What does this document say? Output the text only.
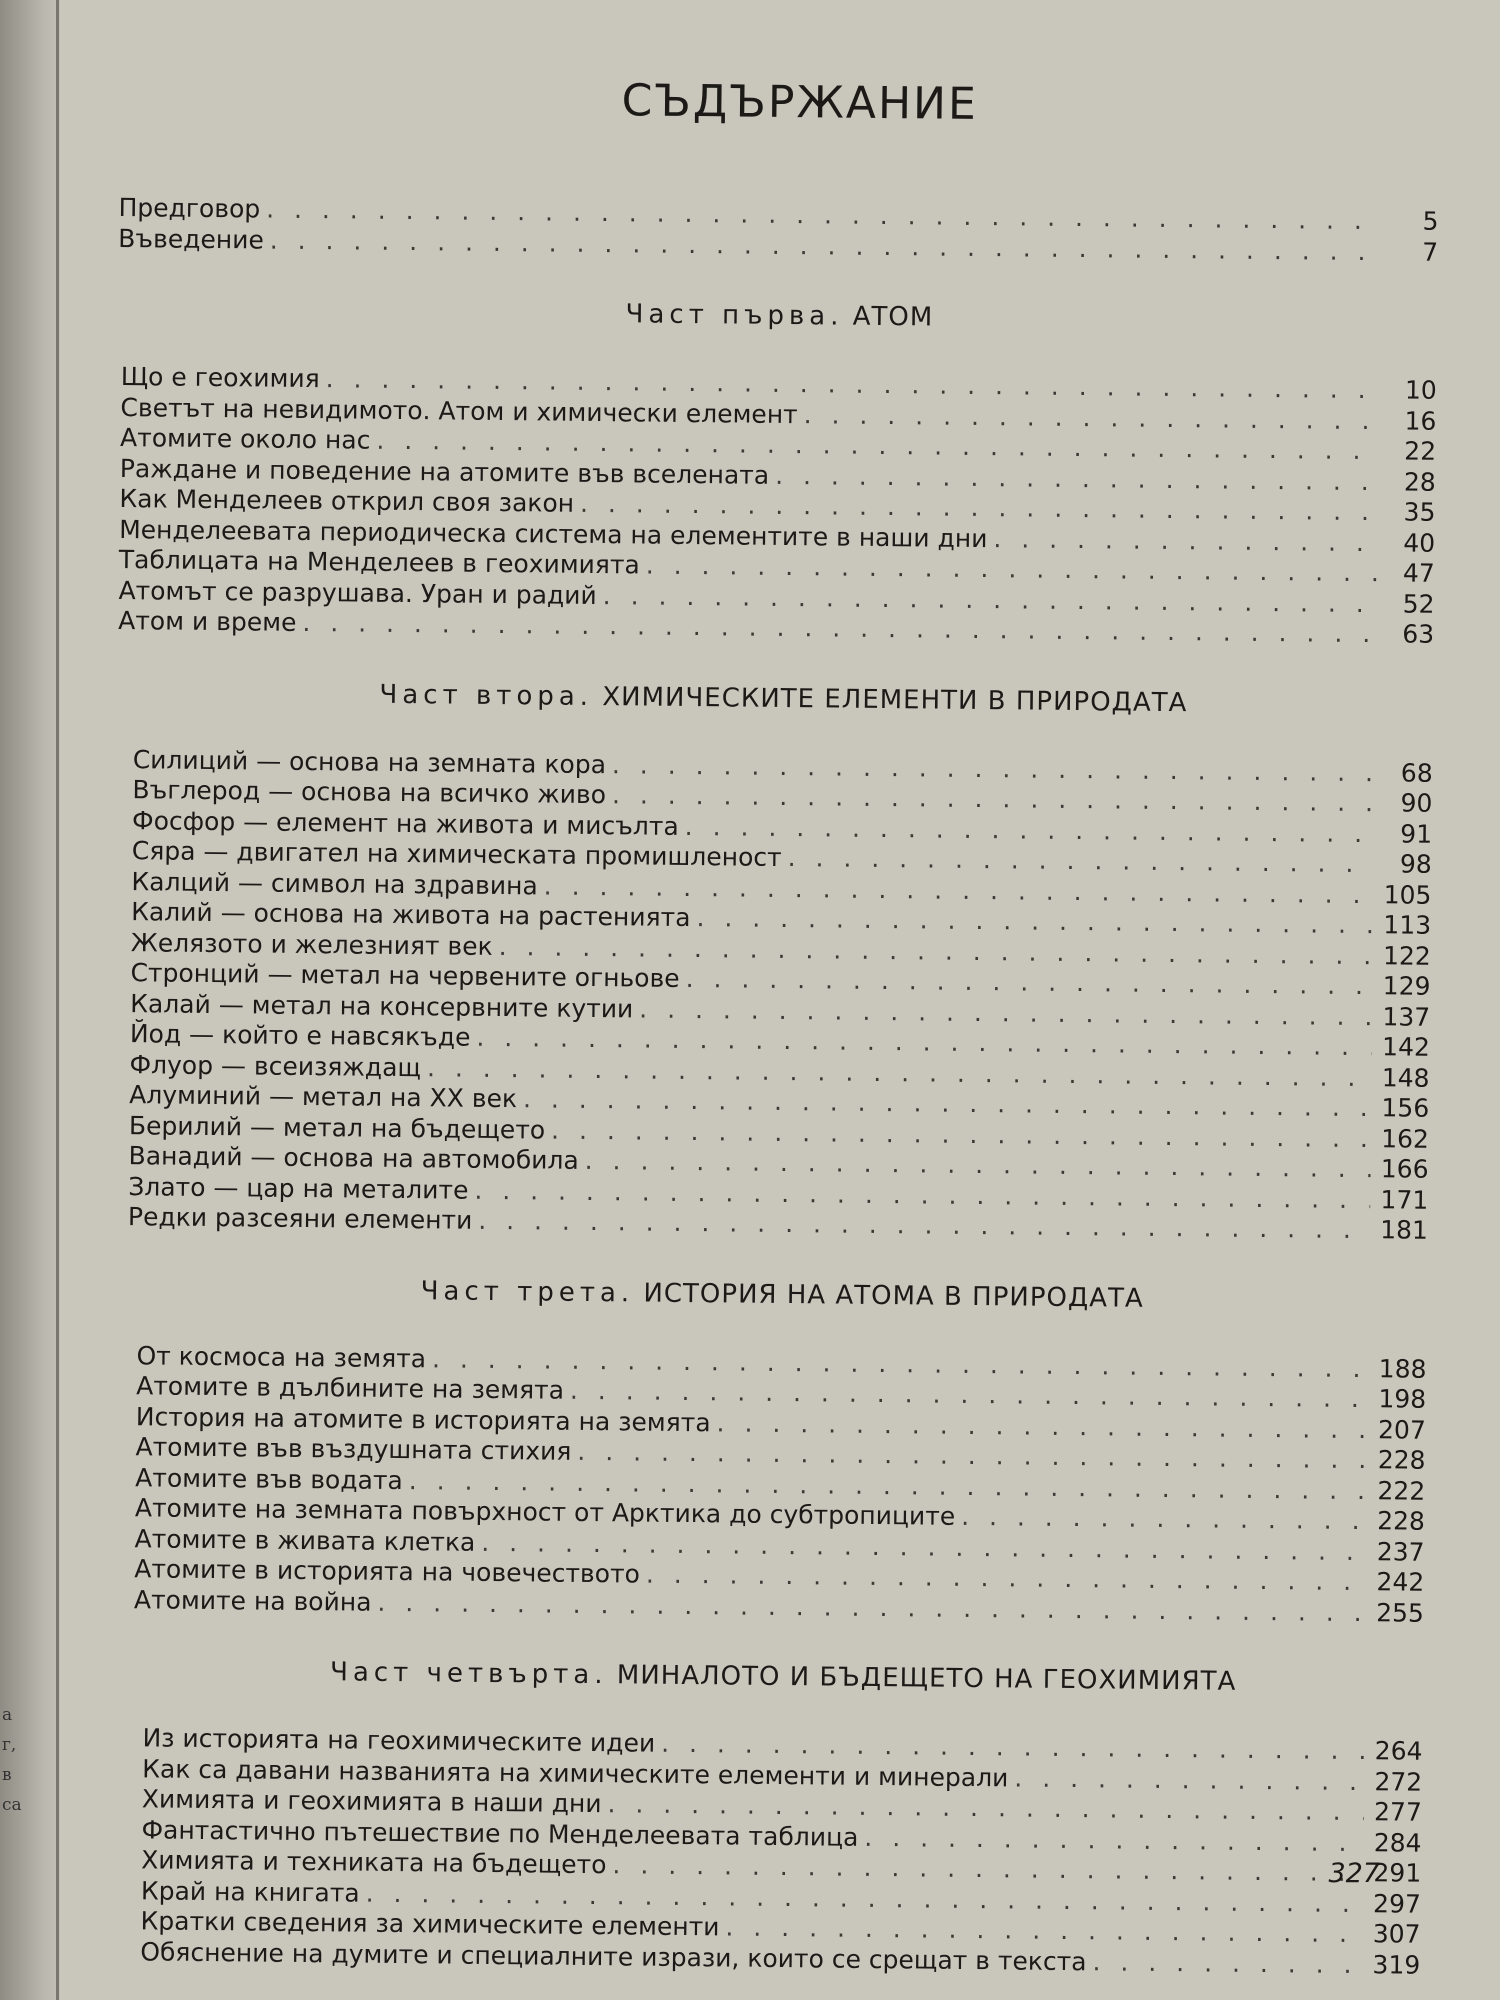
а
г,
в
са
СЪДЪРЖАНИЕ
Предговор . . .	5
Въведение . . .	7
Част първа. АТОМ
Що е геохимия . . .	10
Светът на невидимото. Атом и химически елемент . . .	16
Атомите около нас . . .	22
Раждане и поведение на атомите във вселената . . .	28
Как Менделеев открил своя закон . . .	35
Менделеевата периодическа система на елементите в наши дни . . .	40
Таблицата на Менделеев в геохимията . . .	47
Атомът се разрушава. Уран и радий . . .	52
Атом и време . . .	63
Част втора. ХИМИЧЕСКИТЕ ЕЛЕМЕНТИ В ПРИРОДАТА
Силиций — основа на земната кора . . .	68
Въглерод — основа на всичко живо . . .	90
Фосфор — елемент на живота и мисълта . . .	91
Сяра — двигател на химическата промишленост . . .	98
Калций — символ на здравина . . .	105
Калий — основа на живота на растенията . . .	113
Желязото и железният век . . .	122
Стронций — метал на червените огньове . . .	129
Калай — метал на консервните кутии . . .	137
Йод — който е навсякъде . . .	142
Флуор — всеизяждащ . . .	148
Алуминий — метал на XX век . . .	156
Берилий — метал на бъдещето . . .	162
Ванадий — основа на автомобила . . .	166
Злато — цар на металите . . .	171
Редки разсеяни елементи . . .	181
Част трета. ИСТОРИЯ НА АТОМА В ПРИРОДАТА
От космоса на земята . . .	188
Атомите в дълбините на земята . . .	198
История на атомите в историята на земята . . .	207
Атомите във въздушната стихия . . .	228
Атомите във водата . . .	222
Атомите на земната повърхност от Арктика до субтропиците . . .	228
Атомите в живата клетка . . .	237
Атомите в историята на човечеството . . .	242
Атомите на война . . .	255
Част четвърта. МИНАЛОТО И БЪДЕЩЕТО НА ГЕОХИМИЯТА
Из историята на геохимическите идеи . . .	264
Как са давани названията на химическите елементи и минерали . . .	272
Химията и геохимията в наши дни . . .	277
Фантастично пътешествие по Менделеевата таблица . . .	284
Химията и техниката на бъдещето . . .	291
Край на книгата . . .	297
Кратки сведения за химическите елементи . . .	307
Обяснение на думите и специалните изрази, които се срещат в текста . . .	319
327
